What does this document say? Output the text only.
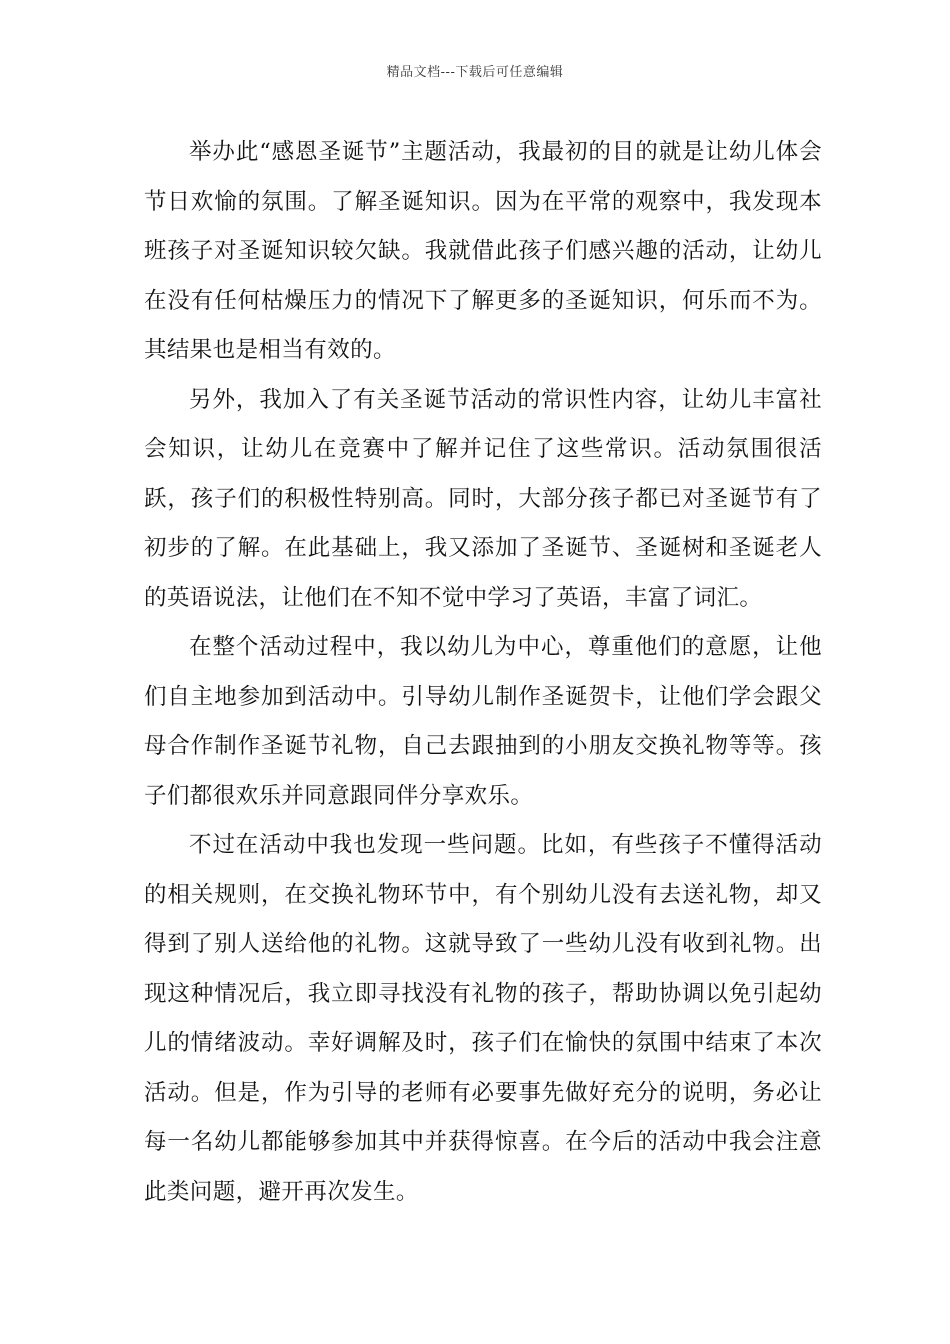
精品文档---下载后可任意编辑

举办此“感恩圣诞节”主题活动，我最初的目的就是让幼儿体会节日欢愉的氛围。了解圣诞知识。因为在平常的观察中，我发现本班孩子对圣诞知识较欠缺。我就借此孩子们感兴趣的活动，让幼儿在没有任何枯燥压力的情况下了解更多的圣诞知识，何乐而不为。其结果也是相当有效的。

另外，我加入了有关圣诞节活动的常识性内容，让幼儿丰富社会知识，让幼儿在竞赛中了解并记住了这些常识。活动氛围很活跃，孩子们的积极性特别高。同时，大部分孩子都已对圣诞节有了初步的了解。在此基础上，我又添加了圣诞节、圣诞树和圣诞老人的英语说法，让他们在不知不觉中学习了英语，丰富了词汇。

在整个活动过程中，我以幼儿为中心，尊重他们的意愿，让他们自主地参加到活动中。引导幼儿制作圣诞贺卡，让他们学会跟父母合作制作圣诞节礼物，自己去跟抽到的小朋友交换礼物等等。孩子们都很欢乐并同意跟同伴分享欢乐。

不过在活动中我也发现一些问题。比如，有些孩子不懂得活动的相关规则，在交换礼物环节中，有个别幼儿没有去送礼物，却又得到了别人送给他的礼物。这就导致了一些幼儿没有收到礼物。出现这种情况后，我立即寻找没有礼物的孩子，帮助协调以免引起幼儿的情绪波动。幸好调解及时，孩子们在愉快的氛围中结束了本次活动。但是，作为引导的老师有必要事先做好充分的说明，务必让每一名幼儿都能够参加其中并获得惊喜。在今后的活动中我会注意此类问题，避开再次发生。
